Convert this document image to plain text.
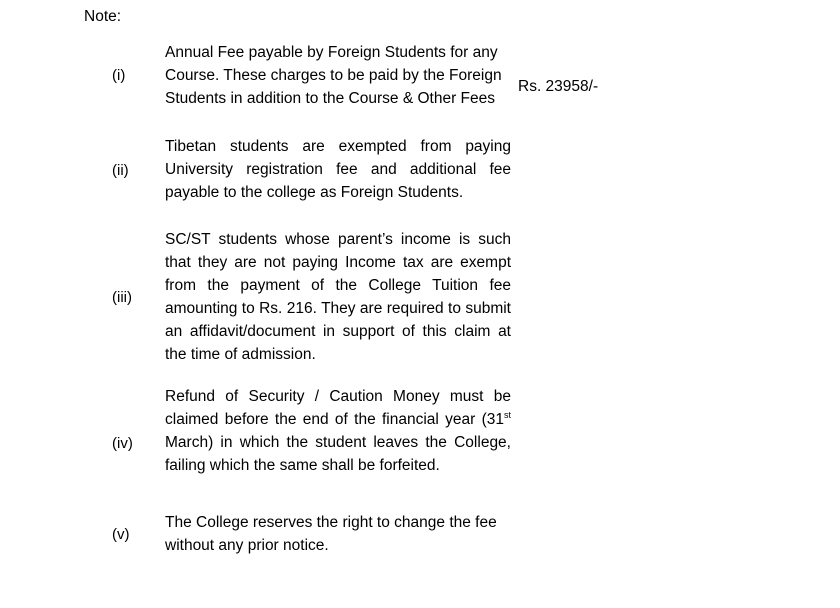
Note:
(i)
Annual Fee payable by Foreign Students for any Course. These charges to be paid by the Foreign Students in addition to the Course & Other Fees
Rs. 23958/-
(ii)
Tibetan students are exempted from paying University registration fee and additional fee payable to the college as Foreign Students.
(iii)
SC/ST students whose parent’s income is such that they are not paying Income tax are exempt from the payment of the College Tuition fee amounting to Rs. 216. They are required to submit an affidavit/document in support of this claim at the time of admission.
(iv)
Refund of Security / Caution Money must be claimed before the end of the financial year (31st March) in which the student leaves the College, failing which the same shall be forfeited.
(v)
The College reserves the right to change the fee without any prior notice.
